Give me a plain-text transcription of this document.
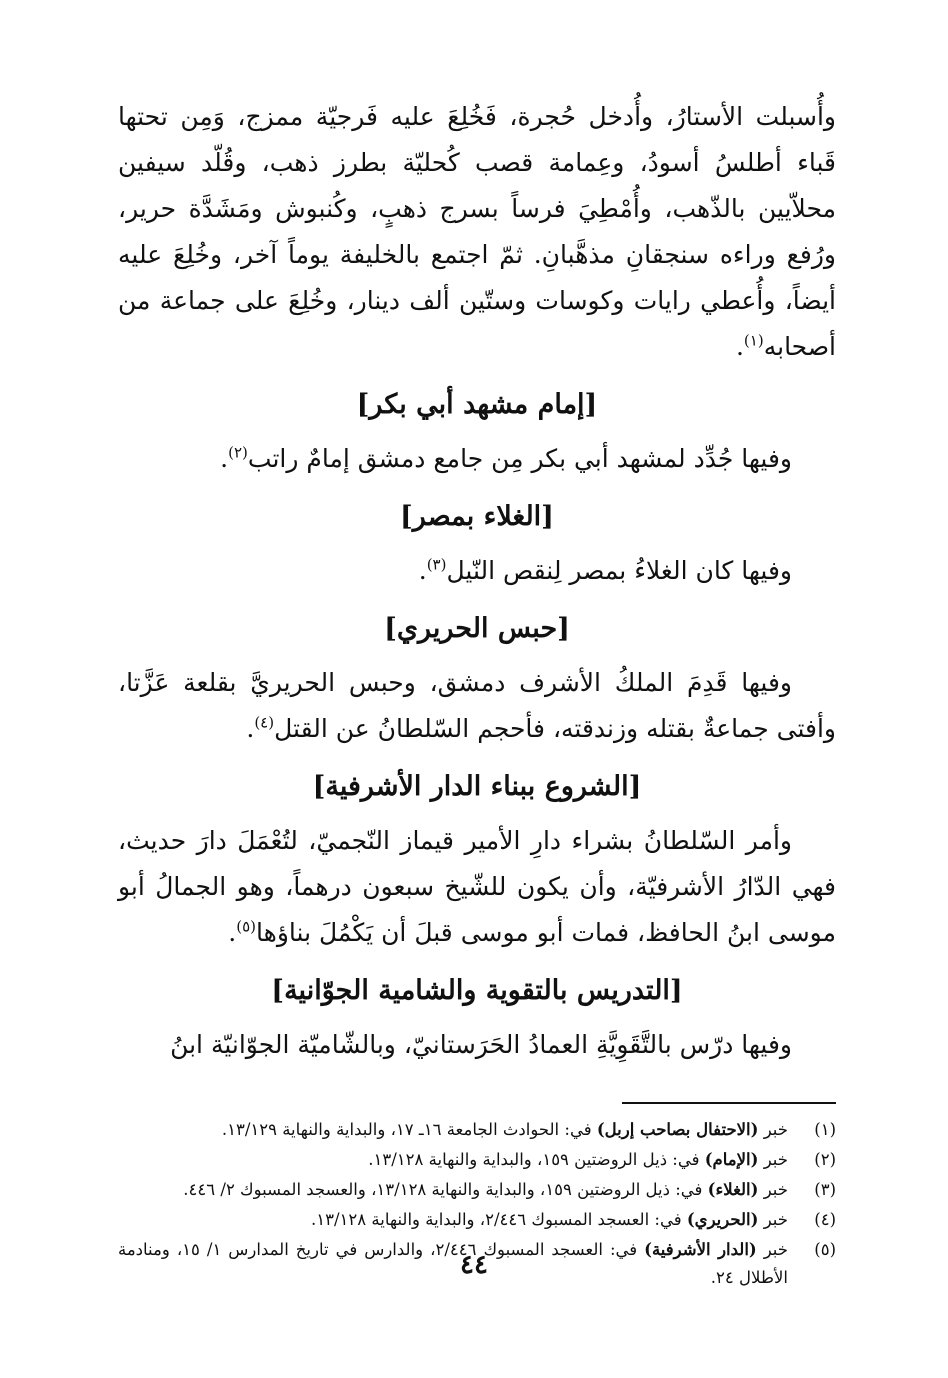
وأُسبلت الأستارُ، وأُدخل حُجرة، فَخُلِعَ عليه فَرجيّة ممزج، وَمِن تحتها قَباء أطلسُ أسودُ، وعِمامة قصب كُحليّة بطرز ذهب، وقُلّد سيفين محلاّيين بالذّهب، وأُمْطِيَ فرساً بسرج ذهبٍ، وكُنبوش ومَشَدَّة حرير، ورُفع وراءه سنجقانِ مذهَّبانِ. ثمّ اجتمع بالخليفة يوماً آخر، وخُلِعَ عليه أيضاً، وأُعطي رايات وكوسات وستّين ألف دينار، وخُلِعَ على جماعة من أصحابه$^{(١)}$.

[إمام مشهد أبي بكر]

وفيها جُدِّد لمشهد أبي بكر مِن جامع دمشق إمامٌ راتب$^{(٢)}$.

[الغلاء بمصر]

وفيها كان الغلاءُ بمصر لِنقص النّيل$^{(٣)}$.

[حبس الحريري]

وفيها قَدِمَ الملكُ الأشرف دمشق، وحبس الحريريَّ بقلعة عَزَّتا، وأفتى جماعةٌ بقتله وزندقته، فأحجم السّلطانُ عن القتل$^{(٤)}$.

[الشروع ببناء الدار الأشرفية]

وأمر السّلطانُ بشراء دارِ الأمير قيماز النّجميّ، لتُعْمَلَ دارَ حديث، فهي الدّارُ الأشرفيّة، وأن يكون للشّيخ سبعون درهماً، وهو الجمالُ أبو موسى ابنُ الحافظ، فمات أبو موسى قبلَ أن يَكْمُلَ بناؤها$^{(٥)}$.

[التدريس بالتقوية والشامية الجوّانية]

وفيها درّس بالتَّقَوِيَّةِ العمادُ الحَرَستانيّ، وبالشّاميّة الجوّانيّة ابنُ

(١)
خبر (الاحتفال بصاحب إربل) في: الحوادث الجامعة ١٦ـ ١٧، والبداية والنهاية ١٣/١٢٩.
(٢)
خبر (الإمام) في: ذيل الروضتين ١٥٩، والبداية والنهاية ١٣/١٢٨.
(٣)
خبر (الغلاء) في: ذيل الروضتين ١٥٩، والبداية والنهاية ١٣/١٢٨، والعسجد المسبوك ٢/ ٤٤٦.
(٤)
خبر (الحريري) في: العسجد المسبوك ٢/٤٤٦، والبداية والنهاية ١٣/١٢٨.
(٥)
خبر (الدار الأشرفية) في: العسجد المسبوك ٢/٤٤٦، والدارس في تاريخ المدارس ١/ ١٥، ومنادمة الأطلال ٢٤.
٤٤
